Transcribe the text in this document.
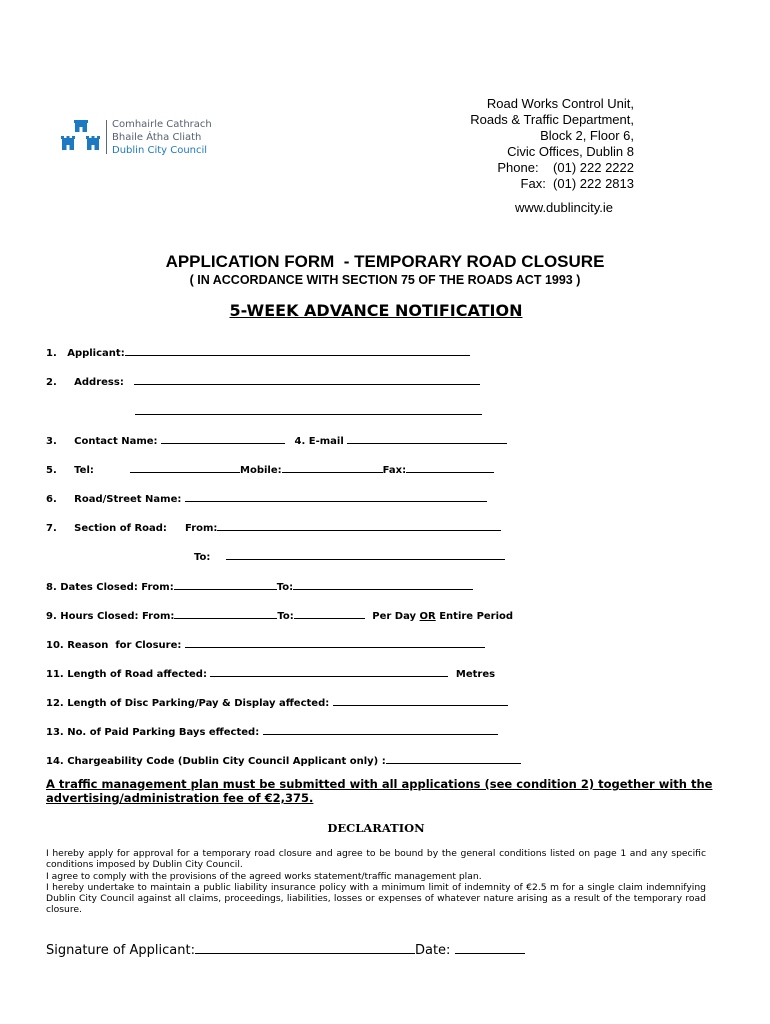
Comhairle Cathrach
Bhaile Átha Cliath
Dublin City Council
Road Works Control Unit,
Roads & Traffic Department,
Block 2, Floor 6,
Civic Offices, Dublin 8
Phone:    (01) 222 2222
Fax:  (01) 222 2813
www.dublincity.ie
APPLICATION FORM  - TEMPORARY ROAD CLOSURE
( IN ACCORDANCE WITH SECTION 75 OF THE ROADS ACT 1993 )
5-WEEK ADVANCE NOTIFICATION
1.   Applicant:
2.     Address:
3.     Contact Name:	4. E-mail
5.     Tel:	Mobile:	Fax:
6.     Road/Street Name:
7.     Section of Road: From:
To:
8. Dates Closed: From:	To:
9. Hours Closed: From:	To:	Per Day OR Entire Period
10. Reason  for Closure:
11. Length of Road affected:	Metres
12. Length of Disc Parking/Pay & Display affected:
13. No. of Paid Parking Bays effected:
14. Chargeability Code (Dublin City Council Applicant only) :
A traffic management plan must be submitted with all applications (see condition 2) together with the advertising/administration fee of €2,375.
DECLARATION

I hereby apply for approval for a temporary road closure and agree to be bound by the general conditions listed on page 1 and any specific conditions imposed by Dublin City Council.

I agree to comply with the provisions of the agreed works statement/traffic management plan.

I hereby undertake to maintain a public liability insurance policy with a minimum limit of indemnity of €2.5 m for a single claim indemnifying Dublin City Council against all claims, proceedings, liabilities, losses or expenses of whatever nature arising as a result of the temporary road closure.

Signature of Applicant:	Date:
